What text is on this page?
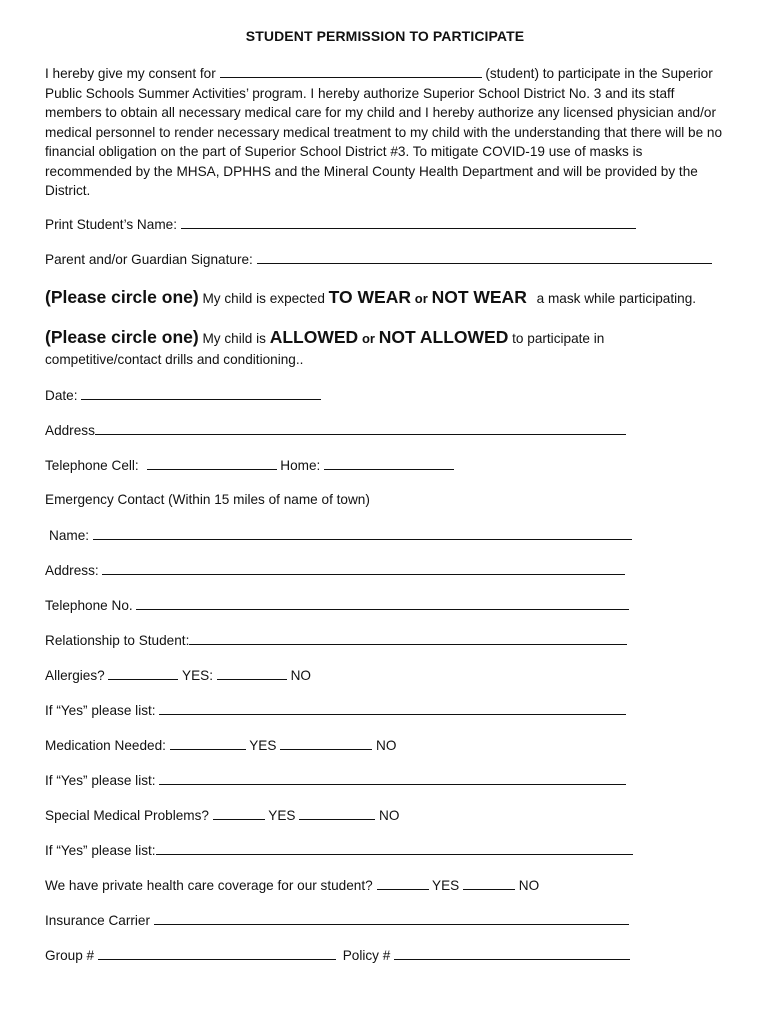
STUDENT PERMISSION TO PARTICIPATE
I hereby give my consent for	(student) to participate in the Superior Public Schools Summer Activities’ program. I hereby authorize Superior School District No. 3 and its staff members to obtain all necessary medical care for my child and I hereby authorize any licensed physician and/or medical personnel to render necessary medical treatment to my child with the understanding that there will be no financial obligation on the part of Superior School District #3. To mitigate COVID-19 use of masks is recommended by the MHSA, DPHHS and the Mineral County Health Department and will be provided by the District.
Print Student’s Name:
Parent and/or Guardian Signature:
(Please circle one) My child is expected TO WEAR or NOT WEAR a mask while participating.
(Please circle one) My child is ALLOWED or NOT ALLOWED to participate in
competitive/contact drills and conditioning..
Date:
Address
Telephone Cell:	Home:
Emergency Contact (Within 15 miles of name of town)
Name:
Address:
Telephone No.
Relationship to Student:
Allergies?	YES:	NO
If “Yes” please list:
Medication Needed:	YES	NO
If “Yes” please list:
Special Medical Problems?	YES	NO
If “Yes” please list:
We have private health care coverage for our student?	YES	NO
Insurance Carrier
Group #	Policy #
